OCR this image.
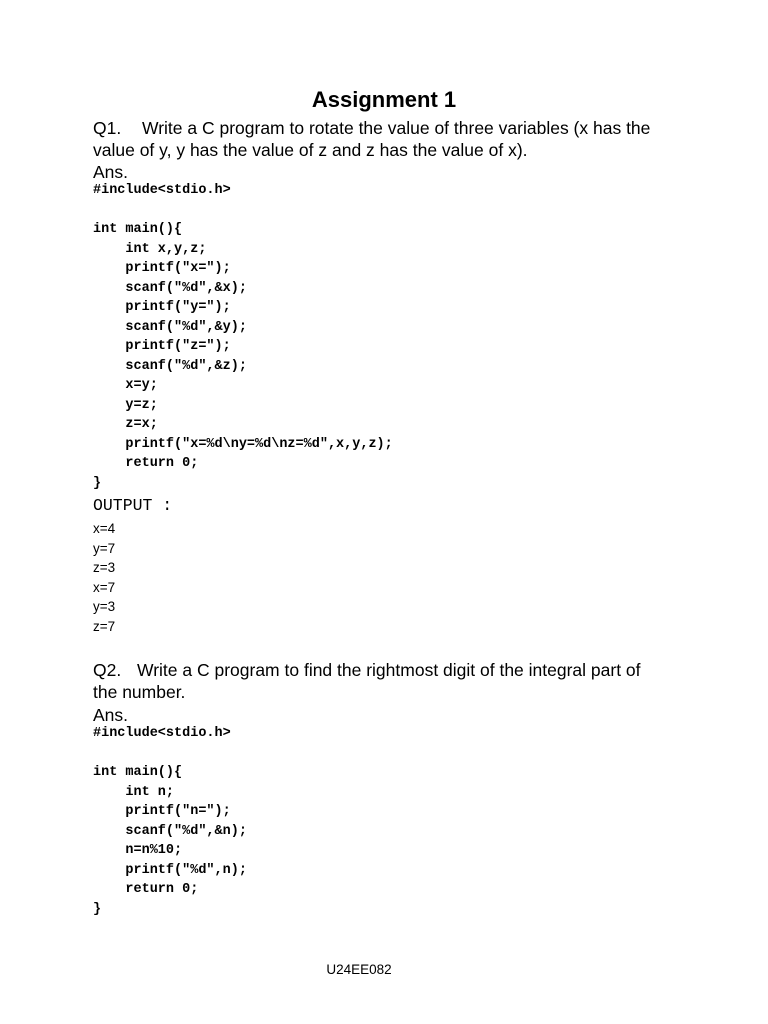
Assignment 1
Q1. Write a C program to rotate the value of three variables (x has the
value of y, y has the value of z and z has the value of x).
Ans.
#include<stdio.h>

int main(){
int x,y,z;
printf("x=");
scanf("%d",&x);
printf("y=");
scanf("%d",&y);
printf("z=");
scanf("%d",&z);
x=y;
y=z;
z=x;
printf("x=%d\ny=%d\nz=%d",x,y,z);
return 0;
}
OUTPUT :
x=4
y=7
z=3
x=7
y=3
z=7
Q2. Write a C program to find the rightmost digit of the integral part of
the number.
Ans.
#include<stdio.h>

int main(){
int n;
printf("n=");
scanf("%d",&n);
n=n%10;
printf("%d",n);
return 0;
}
U24EE082
